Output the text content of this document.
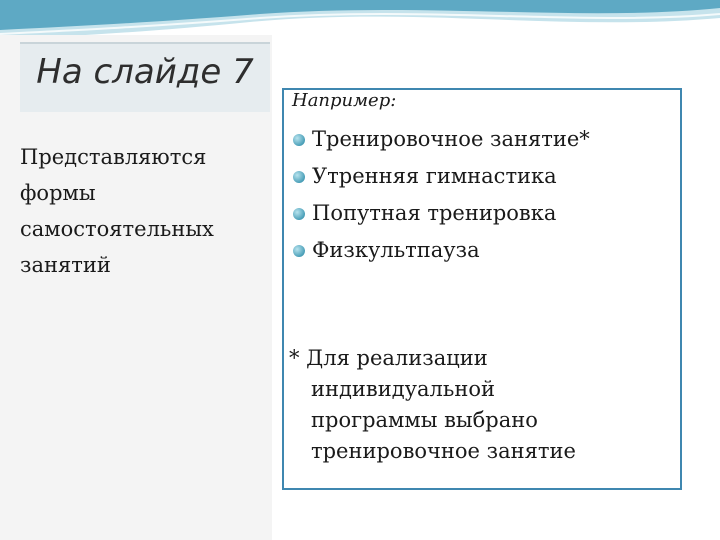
На слайде 7
Представляются
формы
самостоятельных
занятий
Например:
Тренировочное занятие*
Утренняя гимнастика
Попутная тренировка
Физкультпауза
* Для реализации
индивидуальной
программы выбрано
тренировочное занятие
